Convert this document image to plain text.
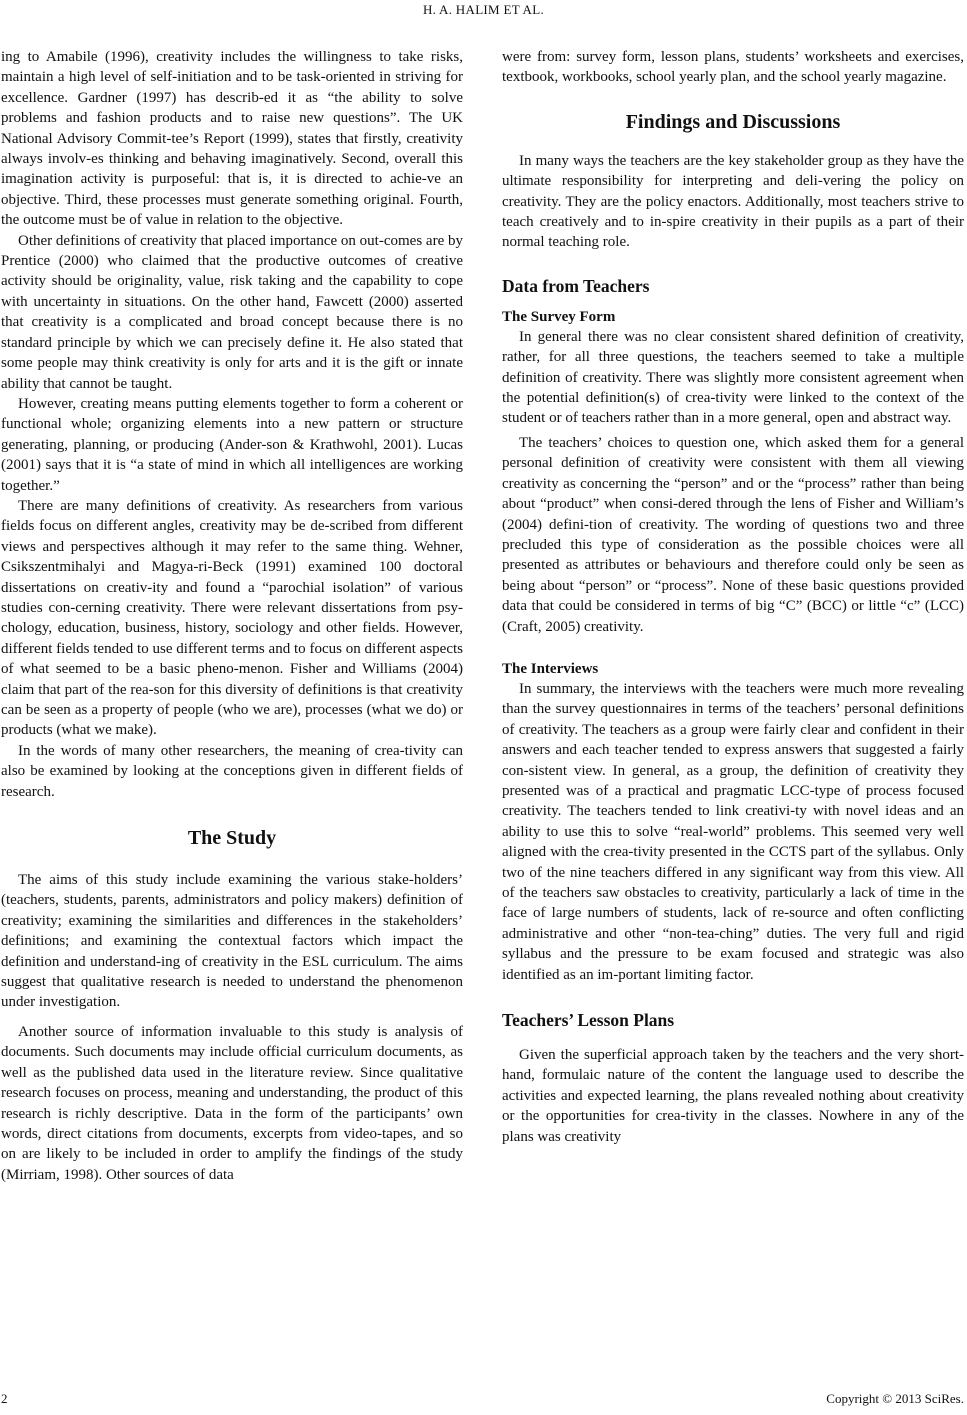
H. A. HALIM ET AL.

ing to Amabile (1996), creativity includes the willingness to take risks, maintain a high level of self-initiation and to be task-oriented in striving for excellence. Gardner (1997) has describ-ed it as “the ability to solve problems and fashion products and to raise new questions”. The UK National Advisory Commit-tee’s Report (1999), states that firstly, creativity always involv-es thinking and behaving imaginatively. Second, overall this imagination activity is purposeful: that is, it is directed to achie-ve an objective. Third, these processes must generate something original. Fourth, the outcome must be of value in relation to the objective.

Other definitions of creativity that placed importance on out-comes are by Prentice (2000) who claimed that the productive outcomes of creative activity should be originality, value, risk taking and the capability to cope with uncertainty in situations. On the other hand, Fawcett (2000) asserted that creativity is a complicated and broad concept because there is no standard principle by which we can precisely define it. He also stated that some people may think creativity is only for arts and it is the gift or innate ability that cannot be taught.

However, creating means putting elements together to form a coherent or functional whole; organizing elements into a new pattern or structure generating, planning, or producing (Ander-son & Krathwohl, 2001). Lucas (2001) says that it is “a state of mind in which all intelligences are working together.”

There are many definitions of creativity. As researchers from various fields focus on different angles, creativity may be de-scribed from different views and perspectives although it may refer to the same thing. Wehner, Csikszentmihalyi and Magya-ri-Beck (1991) examined 100 doctoral dissertations on creativ-ity and found a “parochial isolation” of various studies con-cerning creativity. There were relevant dissertations from psy-chology, education, business, history, sociology and other fields. However, different fields tended to use different terms and to focus on different aspects of what seemed to be a basic pheno-menon. Fisher and Williams (2004) claim that part of the rea-son for this diversity of definitions is that creativity can be seen as a property of people (who we are), processes (what we do) or products (what we make).

In the words of many other researchers, the meaning of crea-tivity can also be examined by looking at the conceptions given in different fields of research.

The Study

The aims of this study include examining the various stake-holders’ (teachers, students, parents, administrators and policy makers) definition of creativity; examining the similarities and differences in the stakeholders’ definitions; and examining the contextual factors which impact the definition and understand-ing of creativity in the ESL curriculum. The aims suggest that qualitative research is needed to understand the phenomenon under investigation.

Another source of information invaluable to this study is analysis of documents. Such documents may include official curriculum documents, as well as the published data used in the literature review. Since qualitative research focuses on process, meaning and understanding, the product of this research is richly descriptive. Data in the form of the participants’ own words, direct citations from documents, excerpts from video-tapes, and so on are likely to be included in order to amplify the findings of the study (Mirriam, 1998). Other sources of data

were from: survey form, lesson plans, students’ worksheets and exercises, textbook, workbooks, school yearly plan, and the school yearly magazine.

Findings and Discussions

In many ways the teachers are the key stakeholder group as they have the ultimate responsibility for interpreting and deli-vering the policy on creativity. They are the policy enactors. Additionally, most teachers strive to teach creatively and to in-spire creativity in their pupils as a part of their normal teaching role.

Data from Teachers
The Survey Form

In general there was no clear consistent shared definition of creativity, rather, for all three questions, the teachers seemed to take a multiple definition of creativity. There was slightly more consistent agreement when the potential definition(s) of crea-tivity were linked to the context of the student or of teachers rather than in a more general, open and abstract way.

The teachers’ choices to question one, which asked them for a general personal definition of creativity were consistent with them all viewing creativity as concerning the “person” and or the “process” rather than being about “product” when consi-dered through the lens of Fisher and William’s (2004) defini-tion of creativity. The wording of questions two and three precluded this type of consideration as the possible choices were all presented as attributes or behaviours and therefore could only be seen as being about “person” or “process”. None of these basic questions provided data that could be considered in terms of big “C” (BCC) or little “c” (LCC) (Craft, 2005) creativity.

The Interviews

In summary, the interviews with the teachers were much more revealing than the survey questionnaires in terms of the teachers’ personal definitions of creativity. The teachers as a group were fairly clear and confident in their answers and each teacher tended to express answers that suggested a fairly con-sistent view. In general, as a group, the definition of creativity they presented was of a practical and pragmatic LCC-type of process focused creativity. The teachers tended to link creativi-ty with novel ideas and an ability to use this to solve “real-world” problems. This seemed very well aligned with the crea-tivity presented in the CCTS part of the syllabus. Only two of the nine teachers differed in any significant way from this view. All of the teachers saw obstacles to creativity, particularly a lack of time in the face of large numbers of students, lack of re-source and often conflicting administrative and other “non-tea-ching” duties. The very full and rigid syllabus and the pressure to be exam focused and strategic was also identified as an im-portant limiting factor.

Teachers’ Lesson Plans

Given the superficial approach taken by the teachers and the very short-hand, formulaic nature of the content the language used to describe the activities and expected learning, the plans revealed nothing about creativity or the opportunities for crea-tivity in the classes. Nowhere in any of the plans was creativity

2	Copyright © 2013 SciRes.
